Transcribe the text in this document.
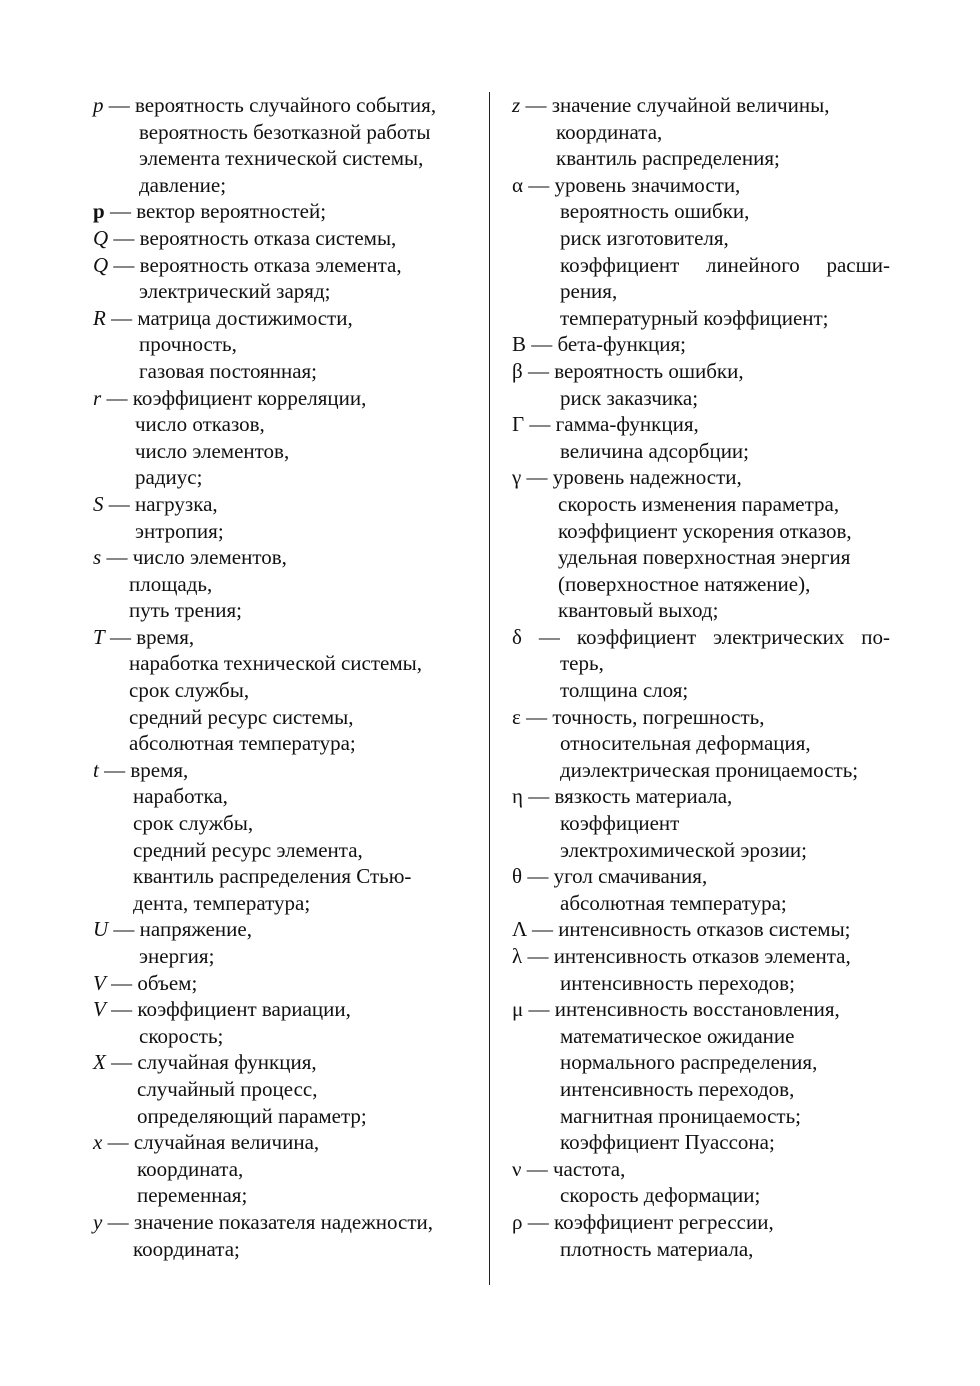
p — вероятность случайного события,
вероятность безотказной работы
элемента технической системы,
давление;
p — вектор вероятностей;
Q — вероятность отказа системы,
Q — вероятность отказа элемента,
электрический заряд;
R — матрица достижимости,
прочность,
газовая постоянная;
r — коэффициент корреляции,
число отказов,
число элементов,
радиус;
S — нагрузка,
энтропия;
s — число элементов,
площадь,
путь трения;
T — время,
наработка технической системы,
срок службы,
средний ресурс системы,
абсолютная температура;
t — время,
наработка,
срок службы,
средний ресурс элемента,
квантиль распределения Стью-
дента, температура;
U — напряжение,
энергия;
V — объем;
V — коэффициент вариации,
скорость;
X — случайная функция,
случайный процесс,
определяющий параметр;
x — случайная величина,
координата,
переменная;
y — значение показателя надежности,
координата;
z — значение случайной величины,
координата,
квантиль распределения;
α — уровень значимости,
вероятность ошибки,
риск изготовителя,
коэффициент линейного расши-
рения,
температурный коэффициент;
B — бета-функция;
β — вероятность ошибки,
риск заказчика;
Γ — гамма-функция,
величина адсорбции;
γ — уровень надежности,
скорость изменения параметра,
коэффициент ускорения отказов,
удельная поверхностная энергия
(поверхностное натяжение),
квантовый выход;
δ — коэффициент электрических по-
терь,
толщина слоя;
ε — точность, погрешность,
относительная деформация,
диэлектрическая проницаемость;
η — вязкость материала,
коэффициент
электрохимической эрозии;
θ — угол смачивания,
абсолютная температура;
Λ — интенсивность отказов системы;
λ — интенсивность отказов элемента,
интенсивность переходов;
μ — интенсивность восстановления,
математическое ожидание
нормального распределения,
интенсивность переходов,
магнитная проницаемость;
коэффициент Пуассона;
ν — частота,
скорость деформации;
ρ — коэффициент регрессии,
плотность материала,
